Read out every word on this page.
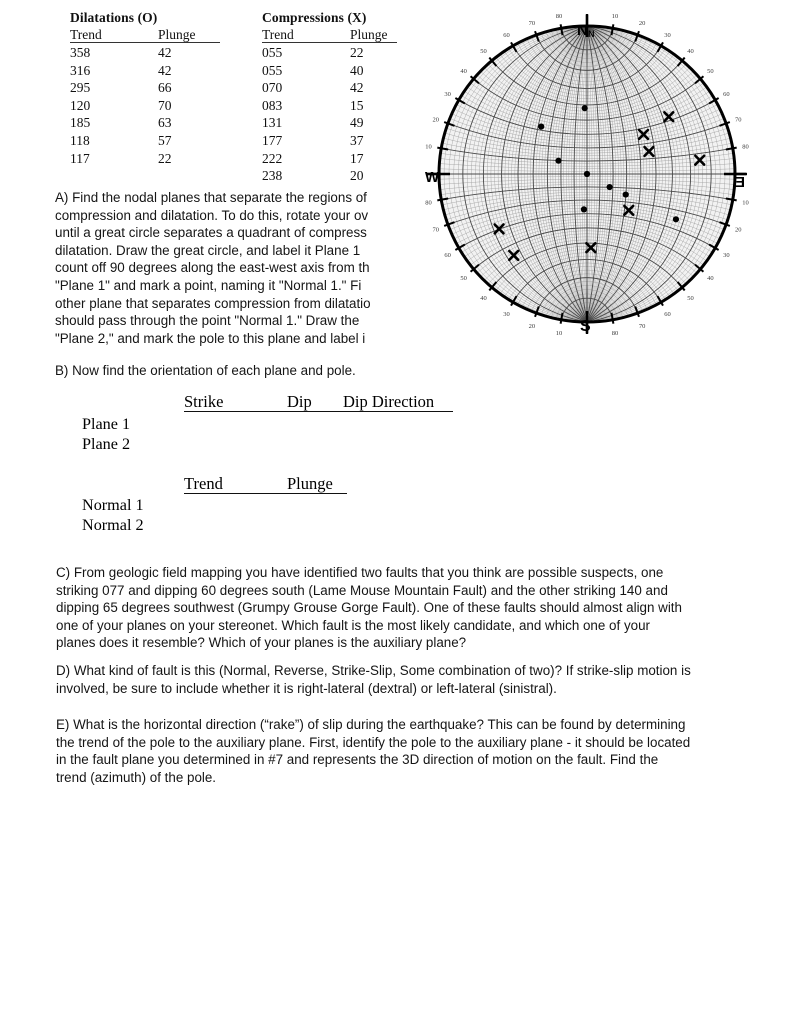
Dilatations (O)
Trend	Plunge
358	42
316	42
295	66
120	70
185	63
118	57
117	22
Compressions (X)
Trend	Plunge
055	22
055	40
070	42
083	15
131	49
177	37
222	17
238	20
A) Find the nodal planes that separate the regions of
compression and dilatation. To do this, rotate your ov
until a great circle separates a quadrant of compress
dilatation. Draw the great circle, and label it Plane 1
count off 90 degrees along the east-west axis from th
"Plane 1" and mark a point, naming it "Normal 1." Fi
other plane that separates compression from dilatatio
should pass through the point "Normal 1." Draw the
"Plane 2," and mark the pole to this plane and label i
B) Now find the orientation of each plane and pole.
Strike	Dip	Dip Direction
Plane 1
Plane 2
Trend	Plunge
Normal 1
Normal 2
C) From geologic field mapping you have identified two faults that you think are possible suspects, one striking 077 and dipping 60 degrees south (Lame Mouse Mountain Fault) and the other striking 140 and dipping 65 degrees southwest (Grumpy Grouse Gorge Fault). One of these faults should almost align with one of your planes on your stereonet. Which fault is the most likely candidate, and which one of your planes does it resemble? Which of your planes is the auxiliary plane?
D) What kind of fault is this (Normal, Reverse, Strike-Slip, Some combination of two)? If strike-slip motion is involved, be sure to include whether it is right-lateral (dextral) or left-lateral (sinistral).
E) What is the horizontal direction (“rake”) of slip during the earthquake? This can be found by determining the trend of the pole to the auxiliary plane. First, identify the pole to the auxiliary plane - it should be located in the fault plane you determined in #7 and represents the 3D direction of motion on the fault. Find the trend (azimuth) of the pole.
10
20
30
40
50
60
70
80
10
20
30
40
50
60
70
80
10
20
30
40
50
60
70
80
10
20
30
40
50
60
70
80
N N
S
W	E
